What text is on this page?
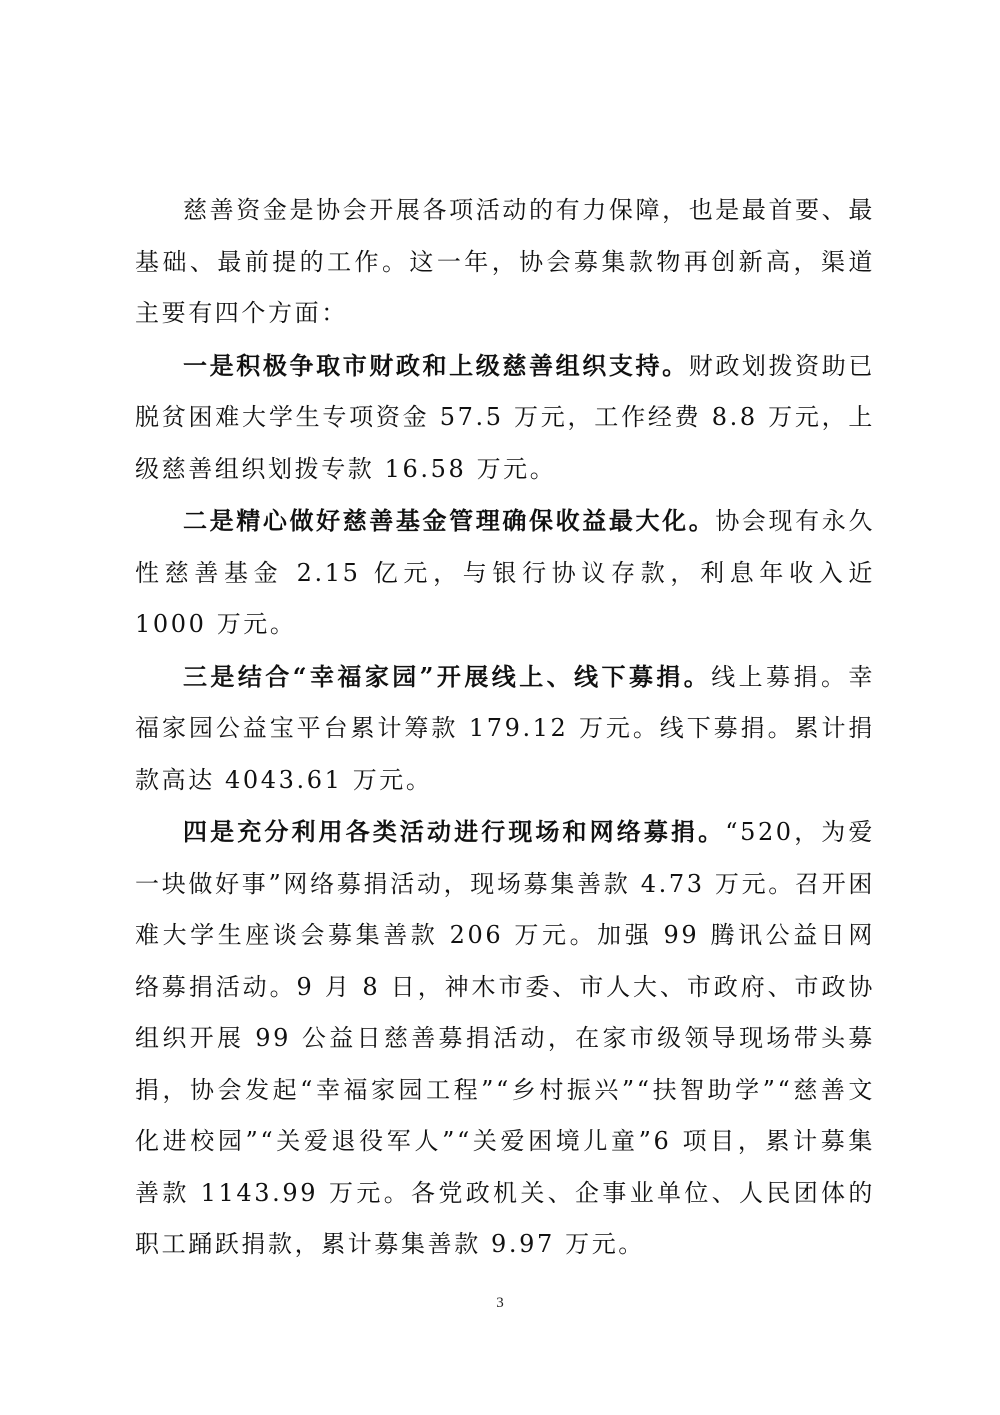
慈善资金是协会开展各项活动的有力保障，也是最首要、最基础、最前提的工作。这一年，协会募集款物再创新高，渠道主要有四个方面：

一是积极争取市财政和上级慈善组织支持。财政划拨资助已脱贫困难大学生专项资金 57.5 万元，工作经费 8.8 万元，上级慈善组织划拨专款 16.58 万元。

二是精心做好慈善基金管理确保收益最大化。协会现有永久性慈善基金 2.15 亿元，与银行协议存款，利息年收入近 1000 万元。

三是结合“幸福家园”开展线上、线下募捐。线上募捐。幸福家园公益宝平台累计筹款 179.12 万元。线下募捐。累计捐款高达 4043.61 万元。

四是充分利用各类活动进行现场和网络募捐。“520，为爱一块做好事”网络募捐活动，现场募集善款 4.73 万元。召开困难大学生座谈会募集善款 206 万元。加强 99 腾讯公益日网络募捐活动。9 月 8 日，神木市委、市人大、市政府、市政协组织开展 99 公益日慈善募捐活动，在家市级领导现场带头募捐，协会发起“幸福家园工程”“乡村振兴”“扶智助学”“慈善文化进校园”“关爱退役军人”“关爱困境儿童”6 项目，累计募集善款 1143.99 万元。各党政机关、企事业单位、人民团体的职工踊跃捐款，累计募集善款 9.97 万元。

3
